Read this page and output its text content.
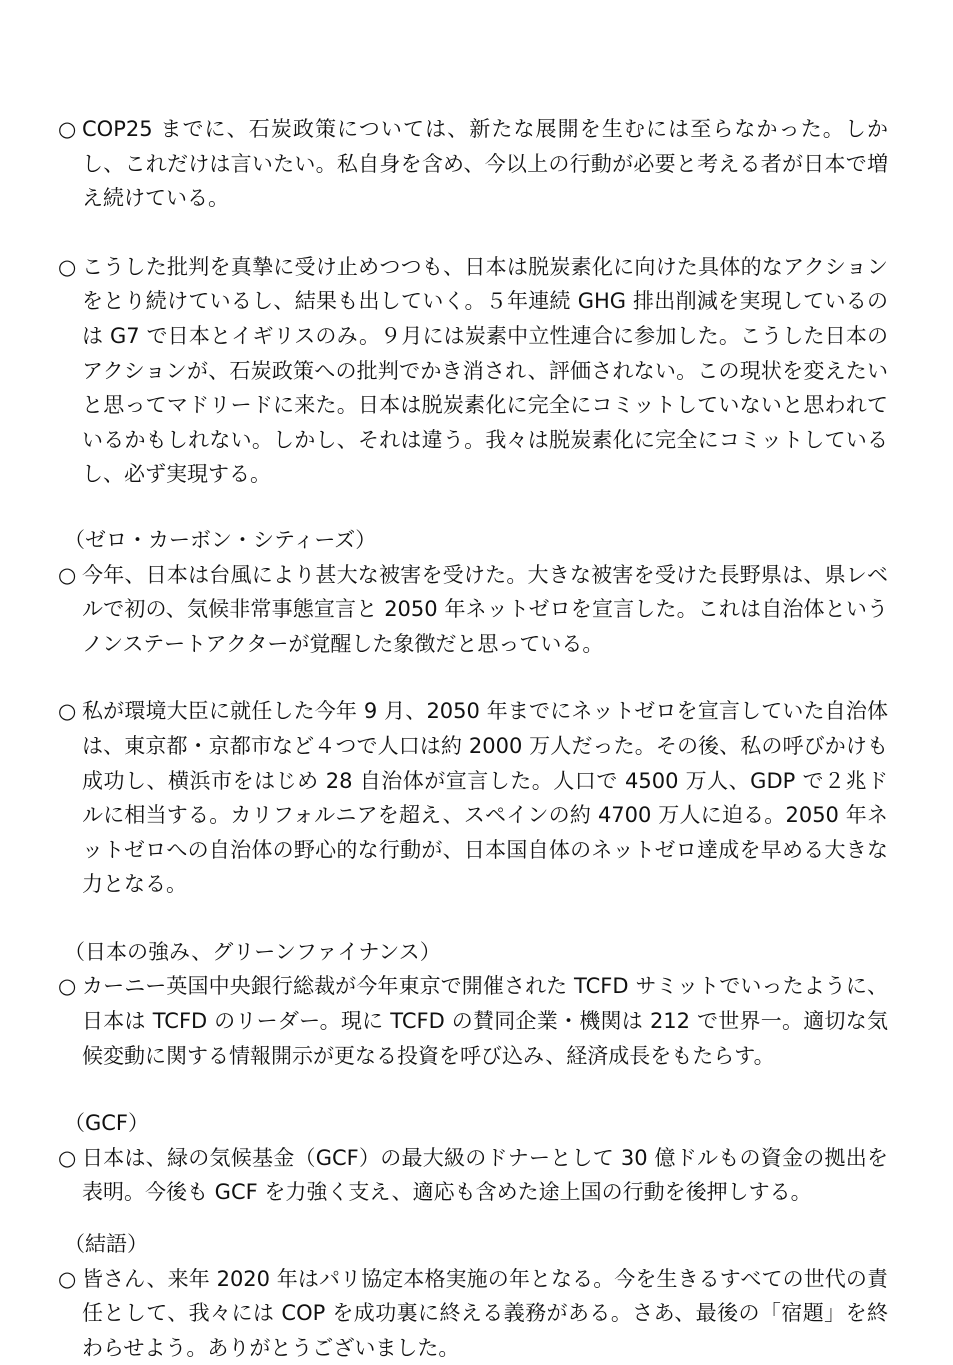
○ COP25 までに、石炭政策については、新たな展開を生むには至らなかった。しかし、これだけは言いたい。私自身を含め、今以上の行動が必要と考える者が日本で増え続けている。
○ こうした批判を真摯に受け止めつつも、日本は脱炭素化に向けた具体的なアクションをとり続けているし、結果も出していく。５年連続 GHG 排出削減を実現しているのは G7 で日本とイギリスのみ。９月には炭素中立性連合に参加した。こうした日本のアクションが、石炭政策への批判でかき消され、評価されない。この現状を変えたいと思ってマドリードに来た。日本は脱炭素化に完全にコミットしていないと思われているかもしれない。しかし、それは違う。我々は脱炭素化に完全にコミットしているし、必ず実現する。
（ゼロ・カーボン・シティーズ）
○ 今年、日本は台風により甚大な被害を受けた。大きな被害を受けた長野県は、県レベルで初の、気候非常事態宣言と 2050 年ネットゼロを宣言した。これは自治体というノンステートアクターが覚醒した象徴だと思っている。
○ 私が環境大臣に就任した今年 9 月、2050 年までにネットゼロを宣言していた自治体は、東京都・京都市など４つで人口は約 2000 万人だった。その後、私の呼びかけも成功し、横浜市をはじめ 28 自治体が宣言した。人口で 4500 万人、GDP で２兆ドルに相当する。カリフォルニアを超え、スペインの約 4700 万人に迫る。2050 年ネットゼロへの自治体の野心的な行動が、日本国自体のネットゼロ達成を早める大きな力となる。
（日本の強み、グリーンファイナンス）
○ カーニー英国中央銀行総裁が今年東京で開催された TCFD サミットでいったように、日本は TCFD のリーダー。現に TCFD の賛同企業・機関は 212 で世界一。適切な気候変動に関する情報開示が更なる投資を呼び込み、経済成長をもたらす。
（GCF）
○ 日本は、緑の気候基金（GCF）の最大級のドナーとして 30 億ドルもの資金の拠出を表明。今後も GCF を力強く支え、適応も含めた途上国の行動を後押しする。
（結語）
○ 皆さん、来年 2020 年はパリ協定本格実施の年となる。今を生きるすべての世代の責任として、我々には COP を成功裏に終える義務がある。さあ、最後の「宿題」を終わらせよう。ありがとうございました。
